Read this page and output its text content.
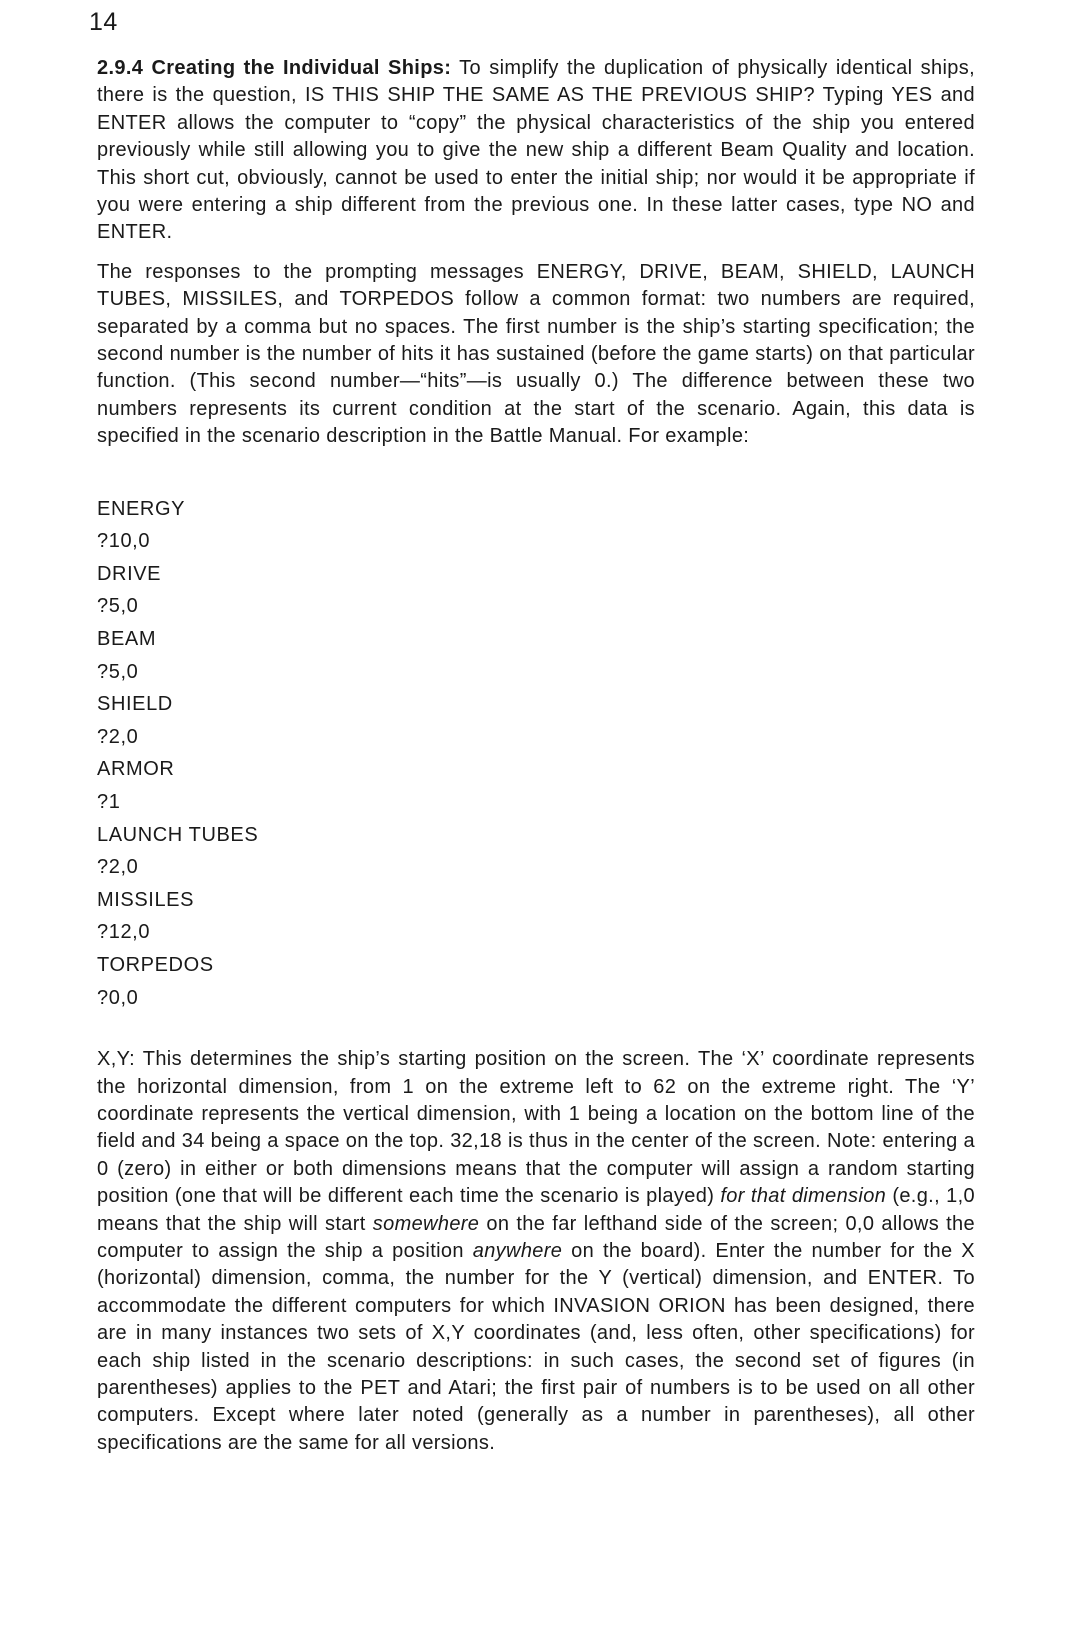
14

2.9.4 Creating the Individual Ships: To simplify the duplication of physically identical ships, there is the question, IS THIS SHIP THE SAME AS THE PREVIOUS SHIP? Typing YES and ENTER allows the computer to “copy” the physical characteristics of the ship you entered previously while still allowing you to give the new ship a different Beam Quality and location. This short cut, obviously, cannot be used to enter the initial ship; nor would it be appropriate if you were entering a ship different from the previous one. In these latter cases, type NO and ENTER.

The responses to the prompting messages ENERGY, DRIVE, BEAM, SHIELD, LAUNCH TUBES, MISSILES, and TORPEDOS follow a common format: two numbers are required, separated by a comma but no spaces. The first number is the ship’s starting specification; the second number is the number of hits it has sustained (before the game starts) on that particular function. (This second number—“hits”—is usually 0.) The difference between these two numbers represents its current condition at the start of the scenario. Again, this data is specified in the scenario description in the Battle Manual. For example:

ENERGY
?10,0
DRIVE
?5,0
BEAM
?5,0
SHIELD
?2,0
ARMOR
?1
LAUNCH TUBES
?2,0
MISSILES
?12,0
TORPEDOS
?0,0

X,Y: This determines the ship’s starting position on the screen. The ‘X’ coordinate represents the horizontal dimension, from 1 on the extreme left to 62 on the extreme right. The ‘Y’ coordinate represents the vertical dimension, with 1 being a location on the bottom line of the field and 34 being a space on the top. 32,18 is thus in the center of the screen. Note: entering a 0 (zero) in either or both dimensions means that the computer will assign a random starting position (one that will be different each time the scenario is played) for that dimension (e.g., 1,0 means that the ship will start somewhere on the far lefthand side of the screen; 0,0 allows the computer to assign the ship a position anywhere on the board). Enter the number for the X (horizontal) dimension, comma, the number for the Y (vertical) dimension, and ENTER. To accommodate the different computers for which INVASION ORION has been designed, there are in many instances two sets of X,Y coordinates (and, less often, other specifications) for each ship listed in the scenario descriptions: in such cases, the second set of figures (in parentheses) applies to the PET and Atari; the first pair of numbers is to be used on all other computers. Except where later noted (generally as a number in parentheses), all other specifications are the same for all versions.
